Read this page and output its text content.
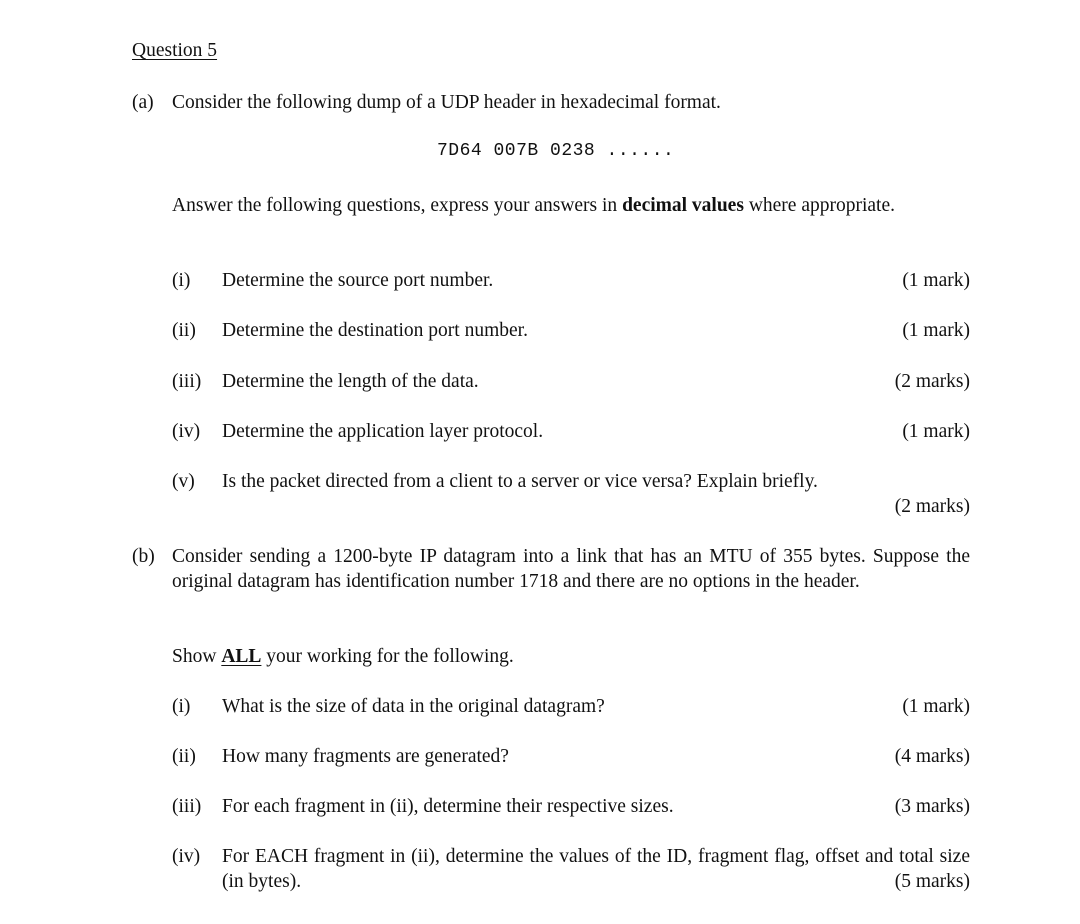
Question 5
(a) Consider the following dump of a UDP header in hexadecimal format.
7D64 007B 0238 ......
Answer the following questions, express your answers in decimal values where appropriate.
(i) Determine the source port number.	(1 mark)
(ii) Determine the destination port number.	(1 mark)
(iii) Determine the length of the data.	(2 marks)
(iv) Determine the application layer protocol.	(1 mark)
(v) Is the packet directed from a client to a server or vice versa? Explain briefly.
(2 marks)
(b) Consider sending a 1200-byte IP datagram into a link that has an MTU of 355 bytes. Suppose the original datagram has identification number 1718 and there are no options in the header.
Show ALL your working for the following.
(i) What is the size of data in the original datagram?	(1 mark)
(ii) How many fragments are generated?	(4 marks)
(iii) For each fragment in (ii), determine their respective sizes.	(3 marks)
(iv) For EACH fragment in (ii), determine the values of the ID, fragment flag, offset and total size (in bytes).	(5 marks)
